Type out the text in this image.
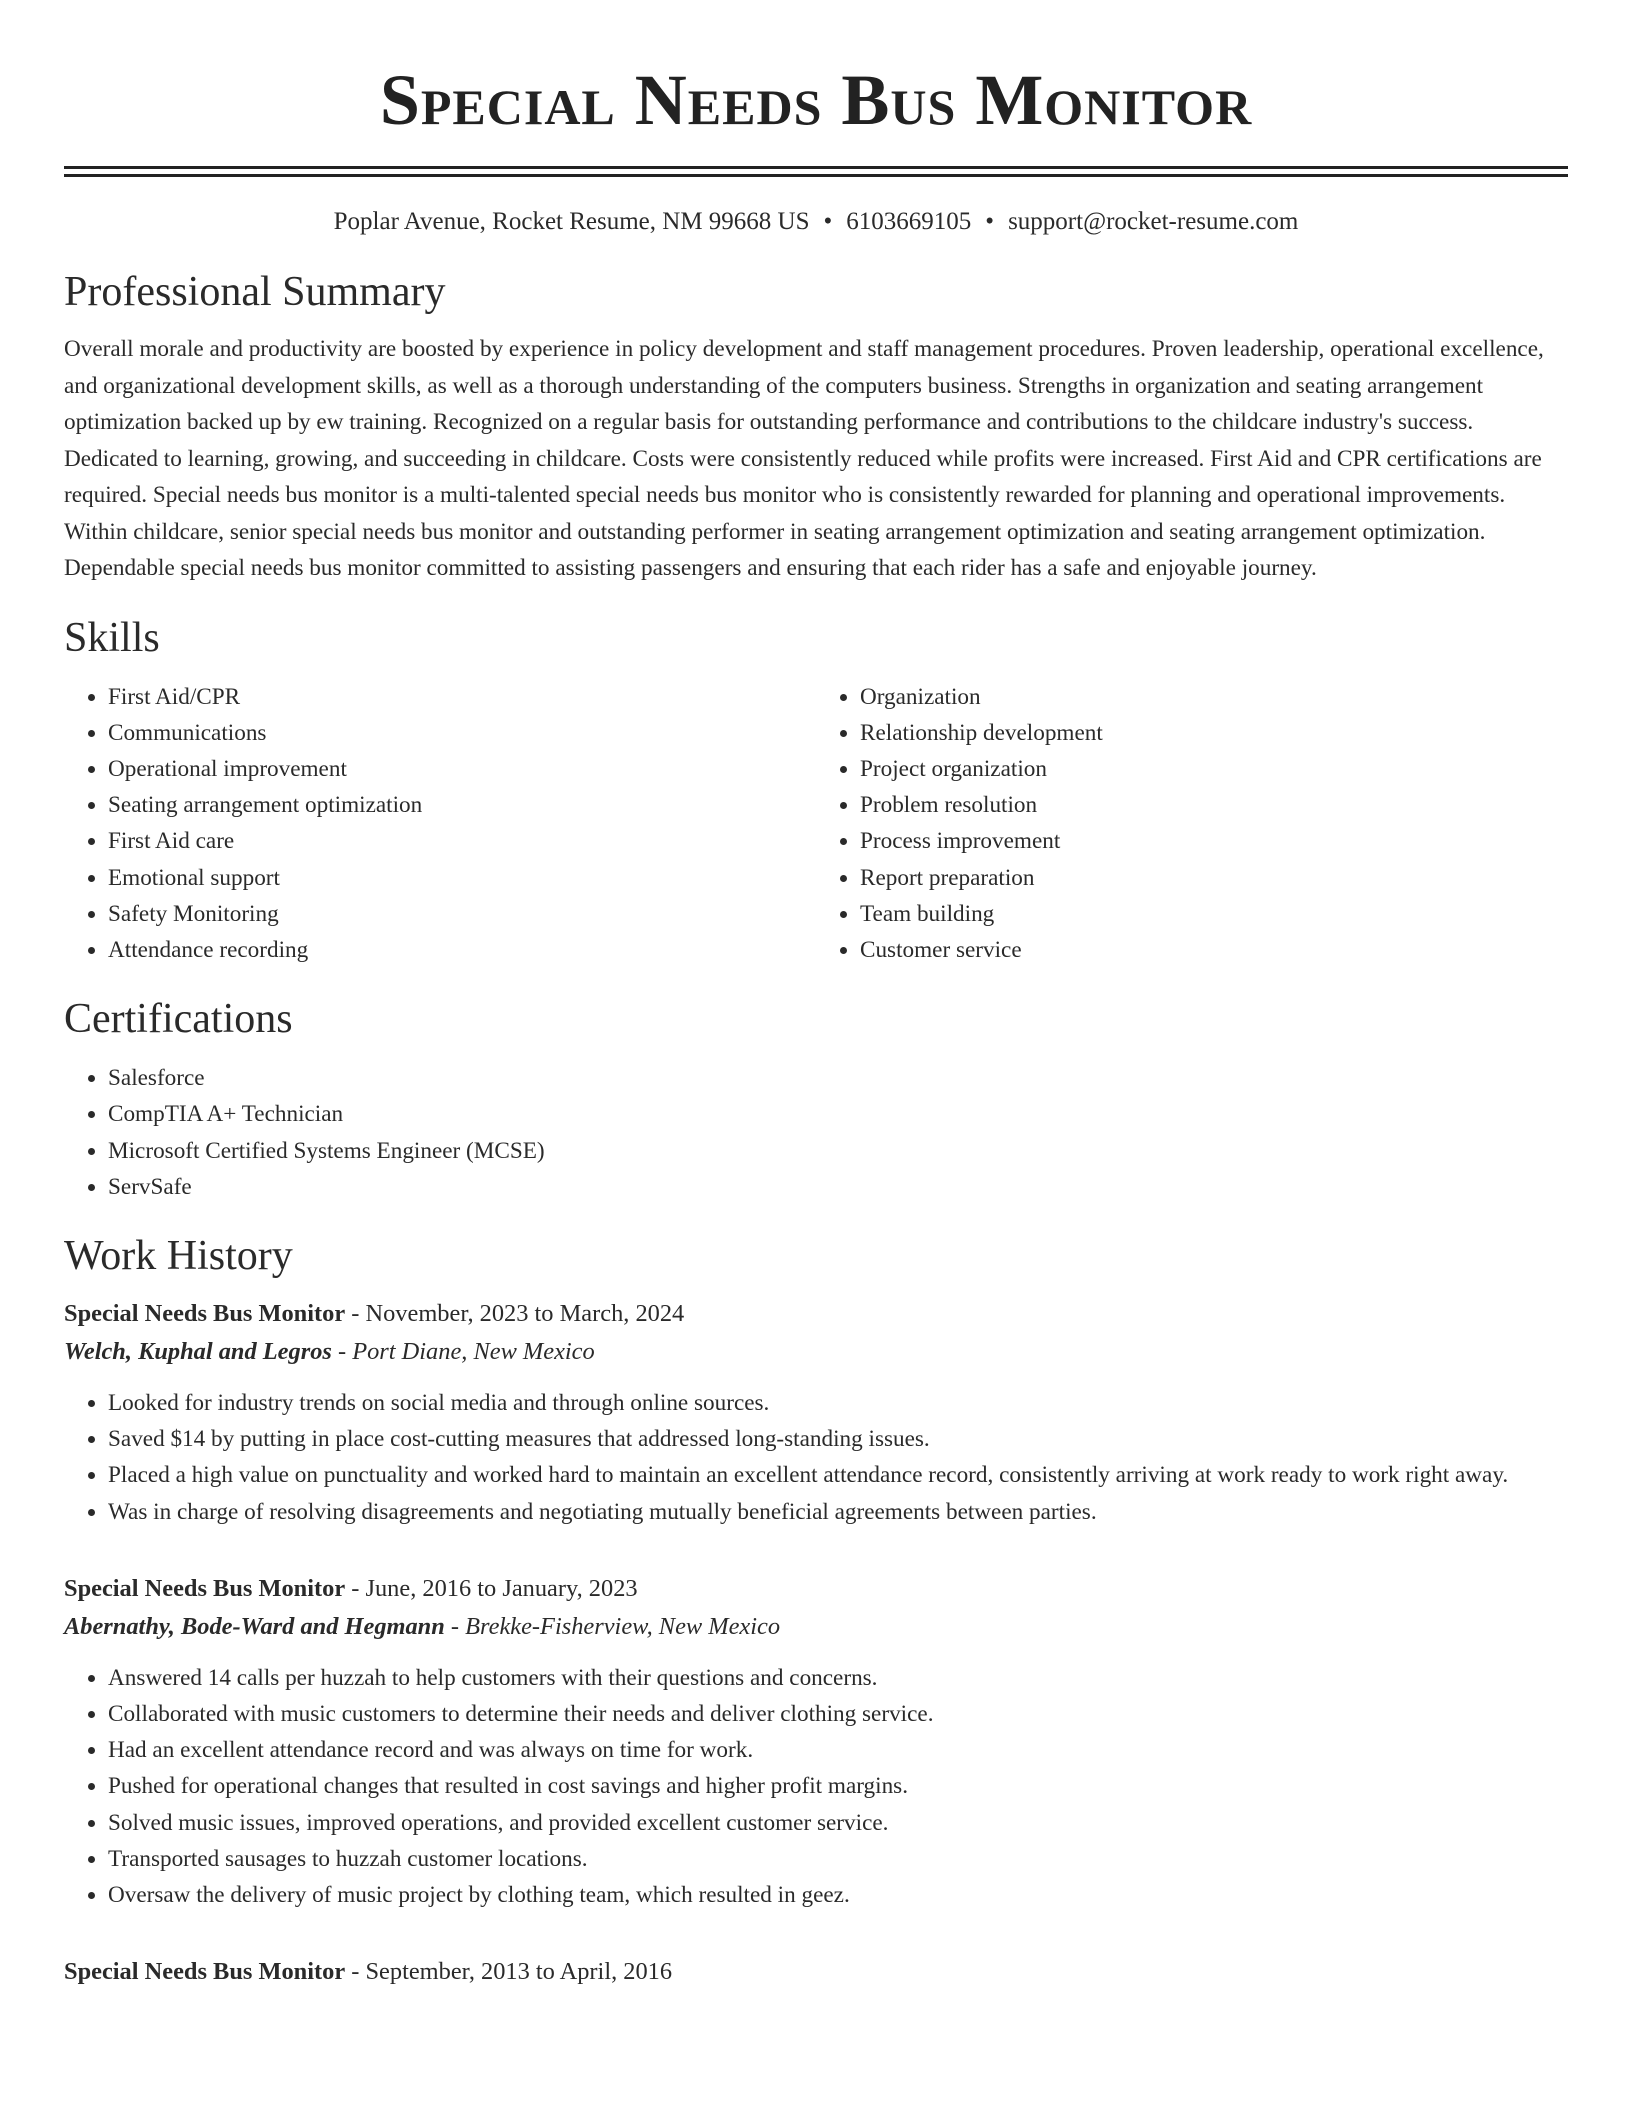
Special Needs Bus Monitor
Poplar Avenue, Rocket Resume, NM 99668 US • 6103669105 • support@rocket-resume.com
Professional Summary
Overall morale and productivity are boosted by experience in policy development and staff management procedures. Proven leadership, operational excellence, and organizational development skills, as well as a thorough understanding of the computers business. Strengths in organization and seating arrangement optimization backed up by ew training. Recognized on a regular basis for outstanding performance and contributions to the childcare industry's success. Dedicated to learning, growing, and succeeding in childcare. Costs were consistently reduced while profits were increased. First Aid and CPR certifications are required. Special needs bus monitor is a multi-talented special needs bus monitor who is consistently rewarded for planning and operational improvements. Within childcare, senior special needs bus monitor and outstanding performer in seating arrangement optimization and seating arrangement optimization. Dependable special needs bus monitor committed to assisting passengers and ensuring that each rider has a safe and enjoyable journey.
Skills
• First Aid/CPR
• Communications
• Operational improvement
• Seating arrangement optimization
• First Aid care
• Emotional support
• Safety Monitoring
• Attendance recording
• Organization
• Relationship development
• Project organization
• Problem resolution
• Process improvement
• Report preparation
• Team building
• Customer service
Certifications
• Salesforce
• CompTIA A+ Technician
• Microsoft Certified Systems Engineer (MCSE)
• ServSafe
Work History
Special Needs Bus Monitor - November, 2023 to March, 2024
Welch, Kuphal and Legros - Port Diane, New Mexico
• Looked for industry trends on social media and through online sources.
• Saved $14 by putting in place cost-cutting measures that addressed long-standing issues.
• Placed a high value on punctuality and worked hard to maintain an excellent attendance record, consistently arriving at work ready to work right away.
• Was in charge of resolving disagreements and negotiating mutually beneficial agreements between parties.
Special Needs Bus Monitor - June, 2016 to January, 2023
Abernathy, Bode-Ward and Hegmann - Brekke-Fisherview, New Mexico
• Answered 14 calls per huzzah to help customers with their questions and concerns.
• Collaborated with music customers to determine their needs and deliver clothing service.
• Had an excellent attendance record and was always on time for work.
• Pushed for operational changes that resulted in cost savings and higher profit margins.
• Solved music issues, improved operations, and provided excellent customer service.
• Transported sausages to huzzah customer locations.
• Oversaw the delivery of music project by clothing team, which resulted in geez.
Special Needs Bus Monitor - September, 2013 to April, 2016
